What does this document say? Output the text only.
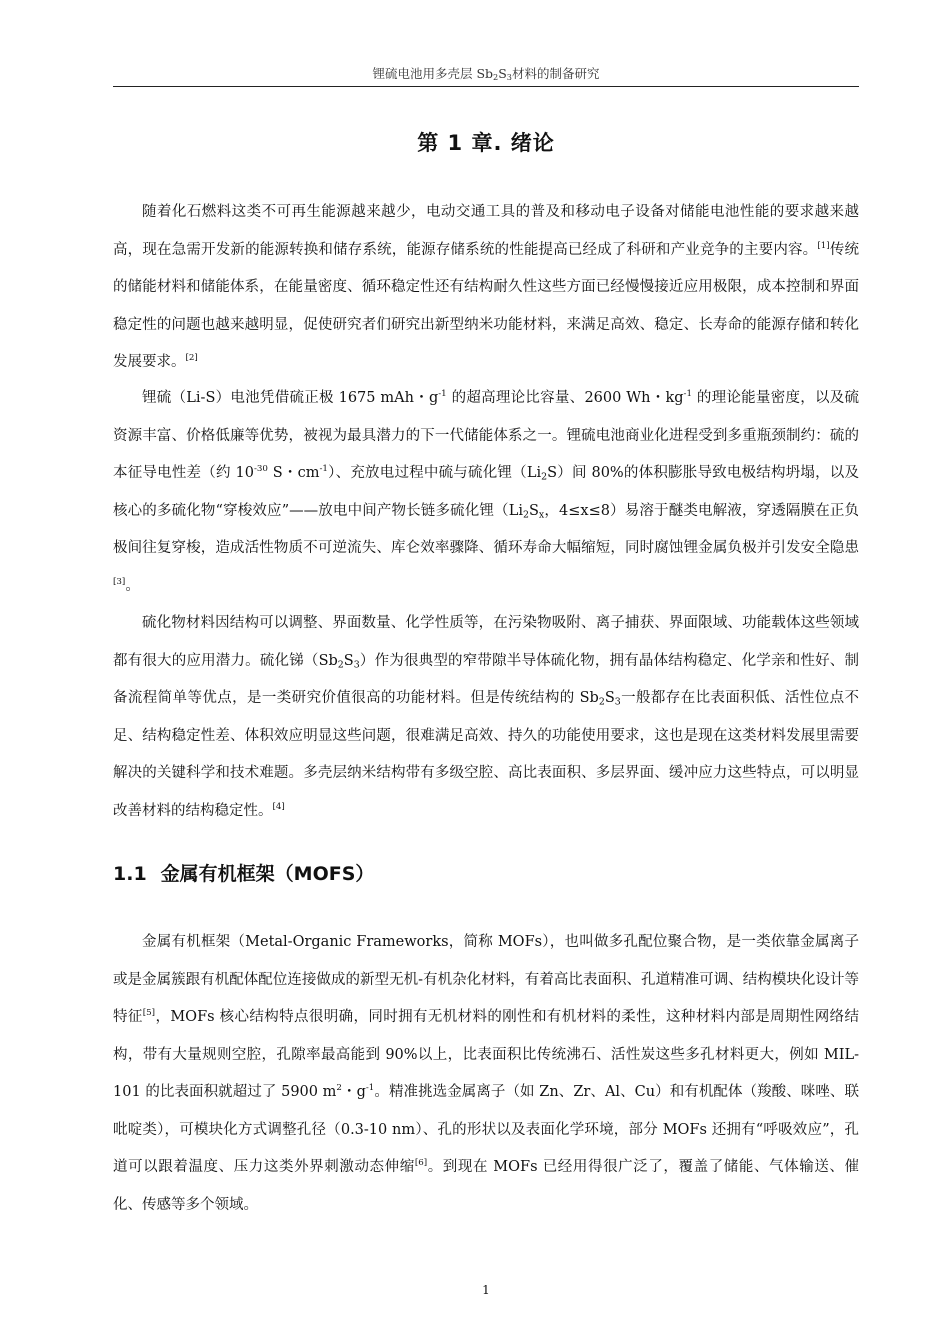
锂硫电池用多壳层 $Sb_2S_3$材料的制备研究
第 1 章. 绪论

随着化石燃料这类不可再生能源越来越少，电动交通工具的普及和移动电子设备对储能电池性能的要求越来越高，现在急需开发新的能源转换和储存系统，能源存储系统的性能提高已经成了科研和产业竞争的主要内容。[1]传统的储能材料和储能体系，在能量密度、循环稳定性还有结构耐久性这些方面已经慢慢接近应用极限，成本控制和界面稳定性的问题也越来越明显，促使研究者们研究出新型纳米功能材料，来满足高效、稳定、长寿命的能源存储和转化发展要求。[2]

锂硫（Li-S）电池凭借硫正极 1675 mAh・$g^{-1}$ 的超高理论比容量、2600 Wh・$kg^{-1}$ 的理论能量密度，以及硫资源丰富、价格低廉等优势，被视为最具潜力的下一代储能体系之一。锂硫电池商业化进程受到多重瓶颈制约：硫的本征导电性差（约 $10^{-30}$ S・$cm^{-1}$）、充放电过程中硫与硫化锂$(Li_2S)$间 80%的体积膨胀导致电极结构坍塌，以及核心的多硫化物“穿梭效应”——放电中间产物长链多硫化锂（$Li_2S_x$，4≤x≤8）易溶于醚类电解液，穿透隔膜在正负极间往复穿梭，造成活性物质不可逆流失、库仑效率骤降、循环寿命大幅缩短，同时腐蚀锂金属负极并引发安全隐患[3]。

硫化物材料因结构可以调整、界面数量、化学性质等，在污染物吸附、离子捕获、界面限域、功能载体这些领域都有很大的应用潜力。硫化锑$(Sb_2S_3)$作为很典型的窄带隙半导体硫化物，拥有晶体结构稳定、化学亲和性好、制备流程简单等优点，是一类研究价值很高的功能材料。但是传统结构的 $Sb_2S_3$一般都存在比表面积低、活性位点不足、结构稳定性差、体积效应明显这些问题，很难满足高效、持久的功能使用要求，这也是现在这类材料发展里需要解决的关键科学和技术难题。多壳层纳米结构带有多级空腔、高比表面积、多层界面、缓冲应力这些特点，可以明显改善材料的结构稳定性。[4]

1.1 金属有机框架（MOFS）

金属有机框架（Metal-Organic Frameworks，简称 MOFs），也叫做多孔配位聚合物，是一类依靠金属离子或是金属簇跟有机配体配位连接做成的新型无机-有机杂化材料，有着高比表面积、孔道精准可调、结构模块化设计等特征[5]，MOFs 核心结构特点很明确，同时拥有无机材料的刚性和有机材料的柔性，这种材料内部是周期性网络结构，带有大量规则空腔，孔隙率最高能到 90%以上，比表面积比传统沸石、活性炭这些多孔材料更大，例如 MIL-101 的比表面积就超过了 5900 $m^2$・$g^{-1}$。精准挑选金属离子（如 Zn、Zr、Al、Cu）和有机配体（羧酸、咪唑、联吡啶类），可模块化方式调整孔径（0.3-10 nm）、孔的形状以及表面化学环境，部分 MOFs 还拥有“呼吸效应”，孔道可以跟着温度、压力这类外界刺激动态伸缩[6]。到现在 MOFs 已经用得很广泛了，覆盖了储能、气体输送、催化、传感等多个领域。

1
